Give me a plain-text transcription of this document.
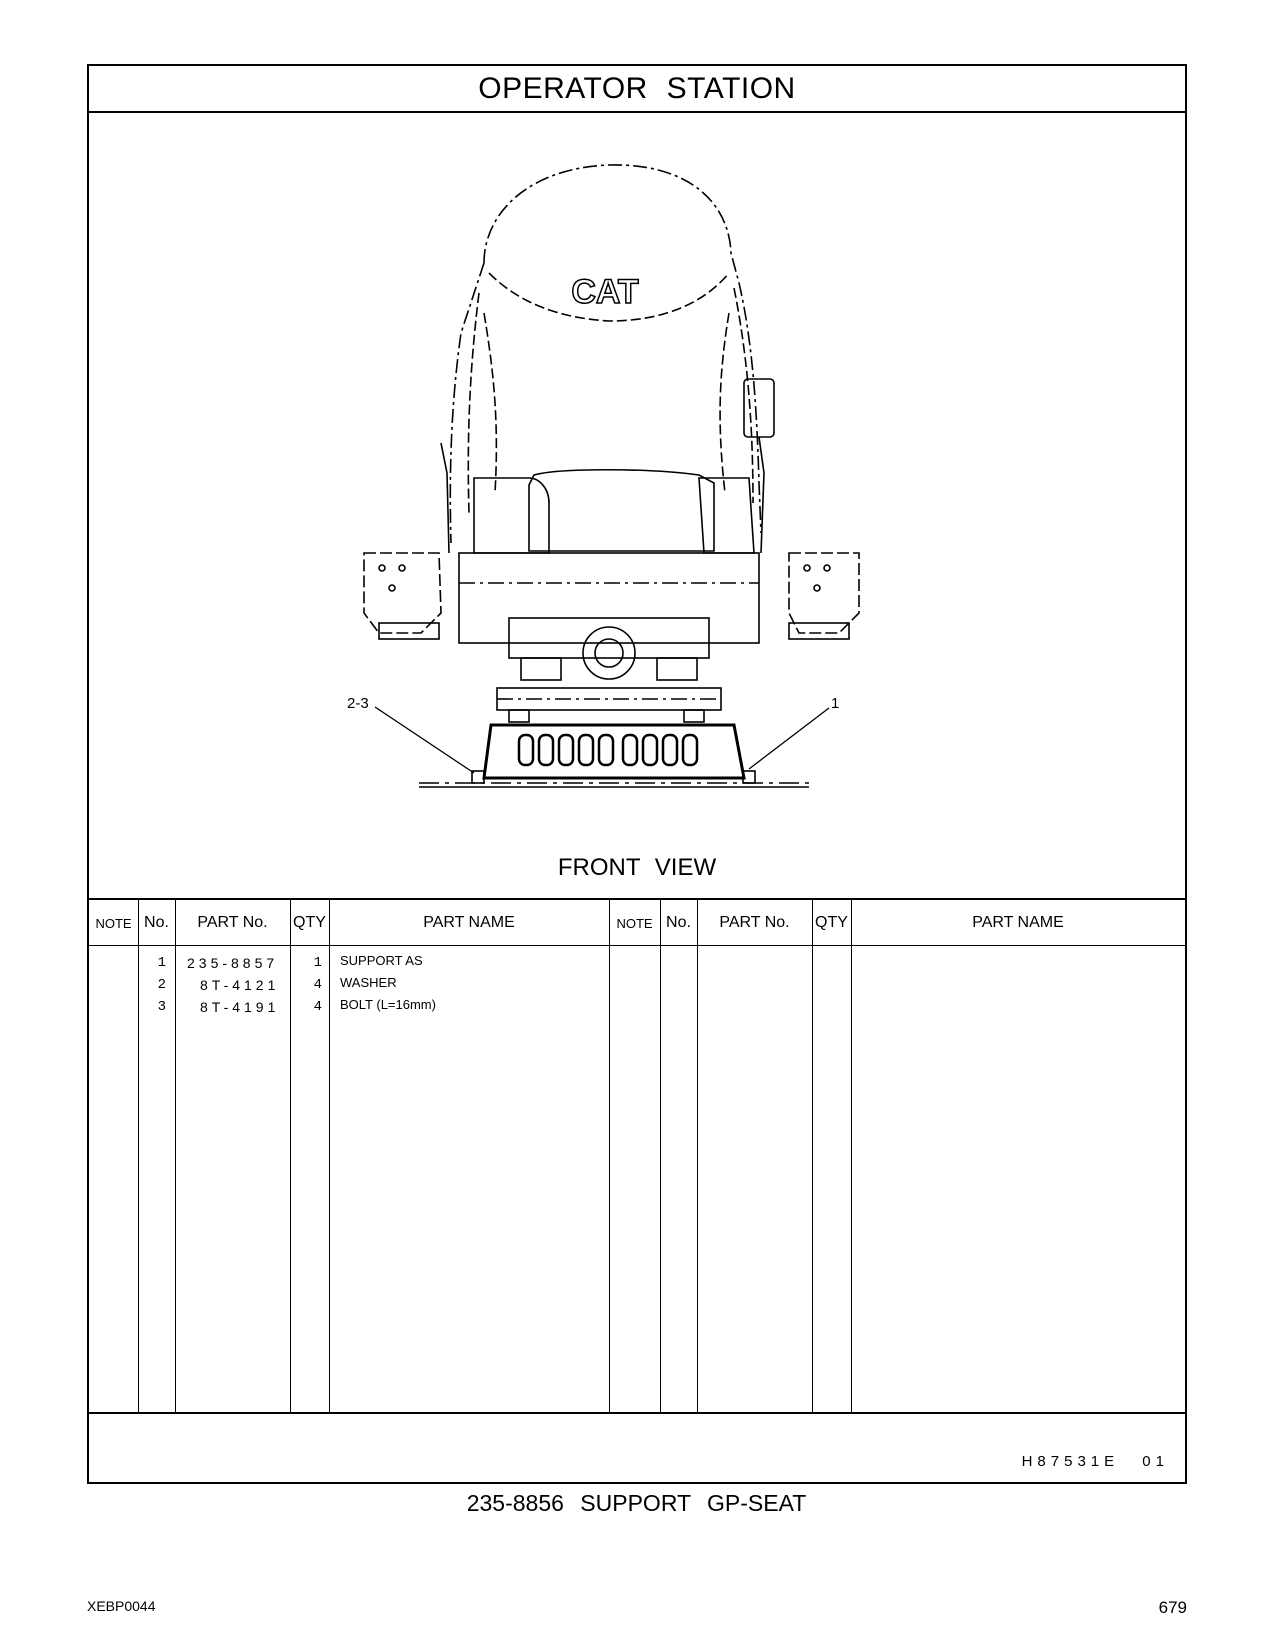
OPERATOR STATION
CAT
2-3	1
FRONT VIEW
NOTE No.	PART No.	QTY	PART NAME	NOTE No.	PART No.	QTY	PART NAME
1 235-8857	1 SUPPORT AS
2 8T-4121	4 WASHER
3 8T-4191	4 BOLT (L=16mm)
H87531E 01
235-8856 SUPPORT GP-SEAT
XEBP0044	679
